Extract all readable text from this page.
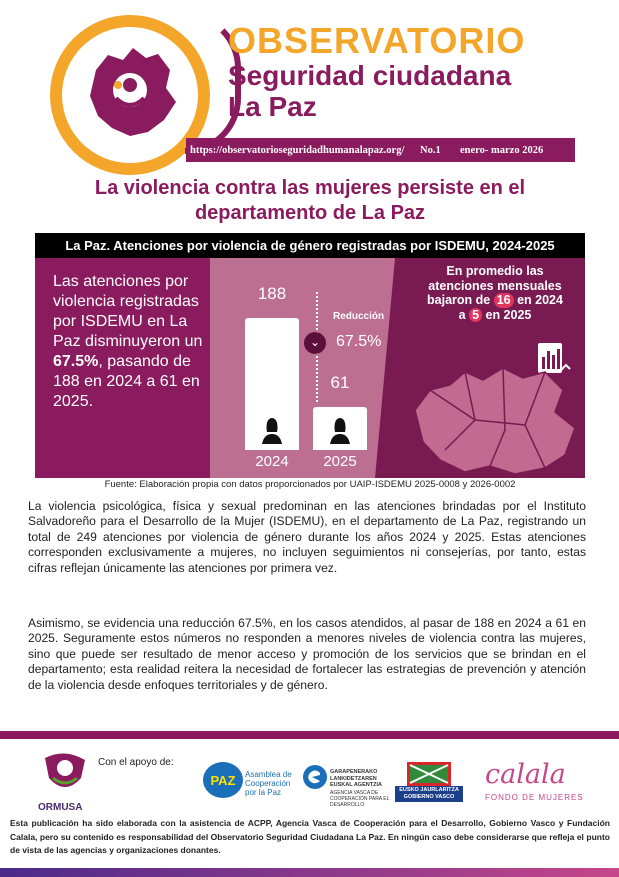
OBSERVATORIO
Seguridad ciudadana
La Paz
https://observatorioseguridadhumanalapaz.org/	No.1	enero- marzo 2026
La violencia contra las mujeres persiste en el departamento de La Paz
La Paz. Atenciones por violencia de género registradas por ISDEMU, 2024-2025
Las atenciones por violencia registradas por ISDEMU en La Paz disminuyeron un 67.5%, pasando de 188 en 2024 a 61 en 2025.
188
2024
61
2025
Reducción
⌄ 67.5%
En promedio las atenciones mensuales bajaron de 16 en 2024 a 5 en 2025
Fuente: Elaboración propia con datos proporcionados por UAIP-ISDEMU 2025-0008 y 2026-0002
La violencia psicológica, física y sexual predominan en las atenciones brindadas por el Instituto Salvadoreño para el Desarrollo de la Mujer (ISDEMU), en el departamento de La Paz, registrando un total de 249 atenciones por violencia de género durante los años 2024 y 2025. Estas atenciones corresponden exclusivamente a mujeres, no incluyen seguimientos ni consejerías, por tanto, estas cifras reflejan únicamente las atenciones por primera vez.
Asimismo, se evidencia una reducción 67.5%, en los casos atendidos, al pasar de 188 en 2024 a 61 en 2025. Seguramente estos números no responden a menores niveles de violencia contra las mujeres, sino que puede ser resultado de menor acceso y promoción de los servicios que se brindan en el departamento; esta realidad reitera la necesidad de fortalecer las estrategias de prevención y atención de la violencia desde enfoques territoriales y de género.
ORMUSA
Con el apoyo de:
PAZ Asamblea de Cooperación por la Paz
GARAPENERAKO LANKIDETZAREN EUSKAL AGENTZIA
AGENCIA VASCA DE COOPERACIÓN PARA EL DESARROLLO
EUSKO JAURLARITZA GOBIERNO VASCO
calala
FONDO DE MUJERES
Esta publicación ha sido elaborada con la asistencia de ACPP, Agencia Vasca de Cooperación para el Desarrollo, Gobierno Vasco y Fundación Calala, pero su contenido es responsabilidad del Observatorio Seguridad Ciudadana La Paz. En ningún caso debe considerarse que refleja el punto de vista de las agencias y organizaciones donantes.
